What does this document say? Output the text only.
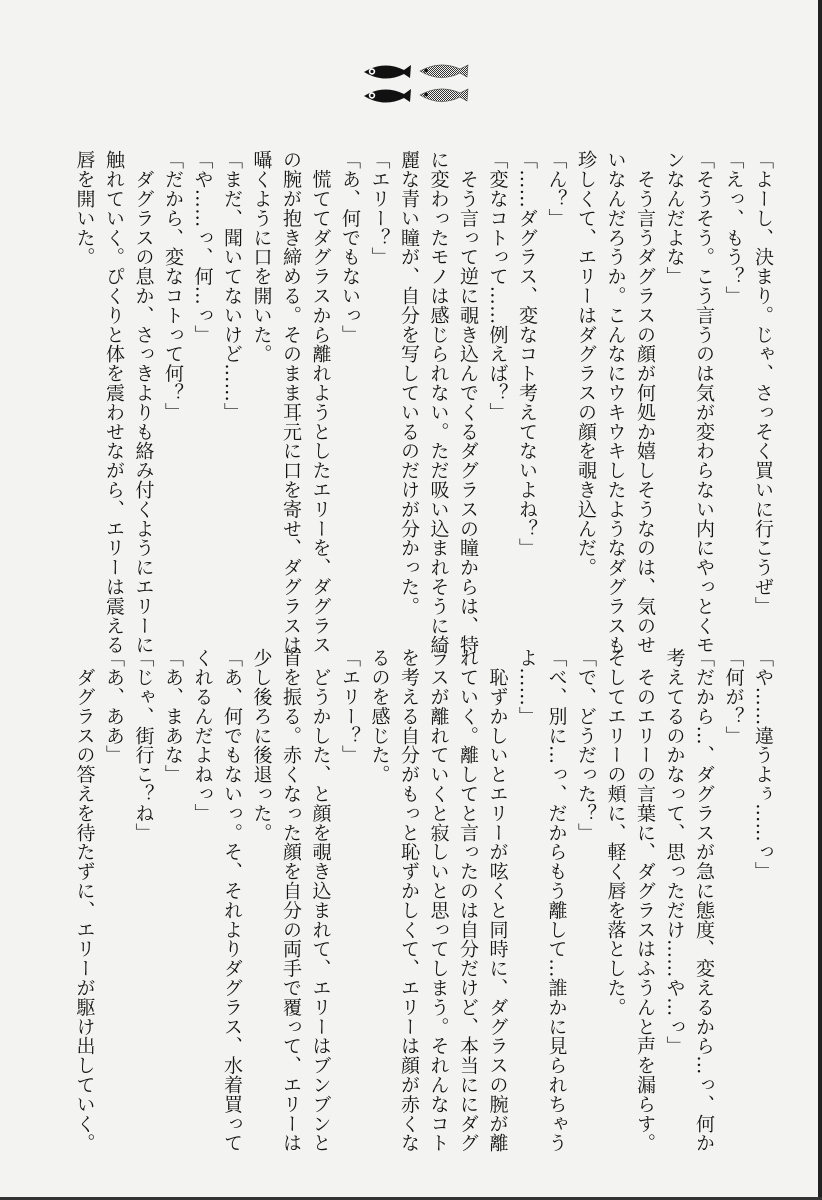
「よーし、決まり。じゃ、さっそく買いに行こうぜ」
「えっ、もう？」
「そうそう。こう言うのは気が変わらない内にやっとくモ
ンなんだよな」
　そう言うダグラスの顔が何処か嬉しそうなのは、気のせ
いなんだろうか。こんなにウキウキしたようなダグラスも
珍しくて、エリーはダグラスの顔を覗き込んだ。
「ん？」
「……ダグラス、変なコト考えてないよね？」
「変なコトって……例えば？」
　そう言って逆に覗き込んでくるダグラスの瞳からは、特
に変わったモノは感じられない。ただ吸い込まれそうに綺
麗な青い瞳が、自分を写しているのだけが分かった。
「エリー？」
「あ、何でもないっ」
　慌ててダグラスから離れようとしたエリーを、ダグラス
の腕が抱き締める。そのまま耳元に口を寄せ、ダグラスは
囁くように口を開いた。
「まだ、聞いてないけど……」
「や……っ、何…っ」
「だから、変なコトって何？」
　ダグラスの息か、さっきよりも絡み付くようにエリーに
触れていく。ぴくりと体を震わせながら、エリーは震える
唇を開いた。
「や……違うよぅ……っ」
「何が？」
「だから…、ダグラスが急に態度、変えるから…っ、何か
考えてるのかなって、思っただけ……や…っ」
　そのエリーの言葉に、ダグラスはふうんと声を漏らす。
そしてエリーの頬に、軽く唇を落とした。
「で、どうだった？」
「べ、別に…っ、だからもう離して…誰かに見られちゃう
よ……」
　恥ずかしいとエリーが呟くと同時に、ダグラスの腕が離
れていく。離してと言ったのは自分だけど、本当ににダグ
ラスが離れていくと寂しいと思ってしまう。それんなコト
を考える自分がもっと恥ずかしくて、エリーは顔が赤くな
るのを感じた。
「エリー？」
　どうかした、と顔を覗き込まれて、エリーはブンブンと
首を振る。赤くなった顔を自分の両手で覆って、エリーは
少し後ろに後退った。
「あ、何でもないっ。そ、それよりダグラス、水着買って
くれるんだよねっ」
「あ、まあな」
「じゃ、街行こ？ね」
「あ、ああ」
　ダグラスの答えを待たずに、エリーが駆け出していく。
